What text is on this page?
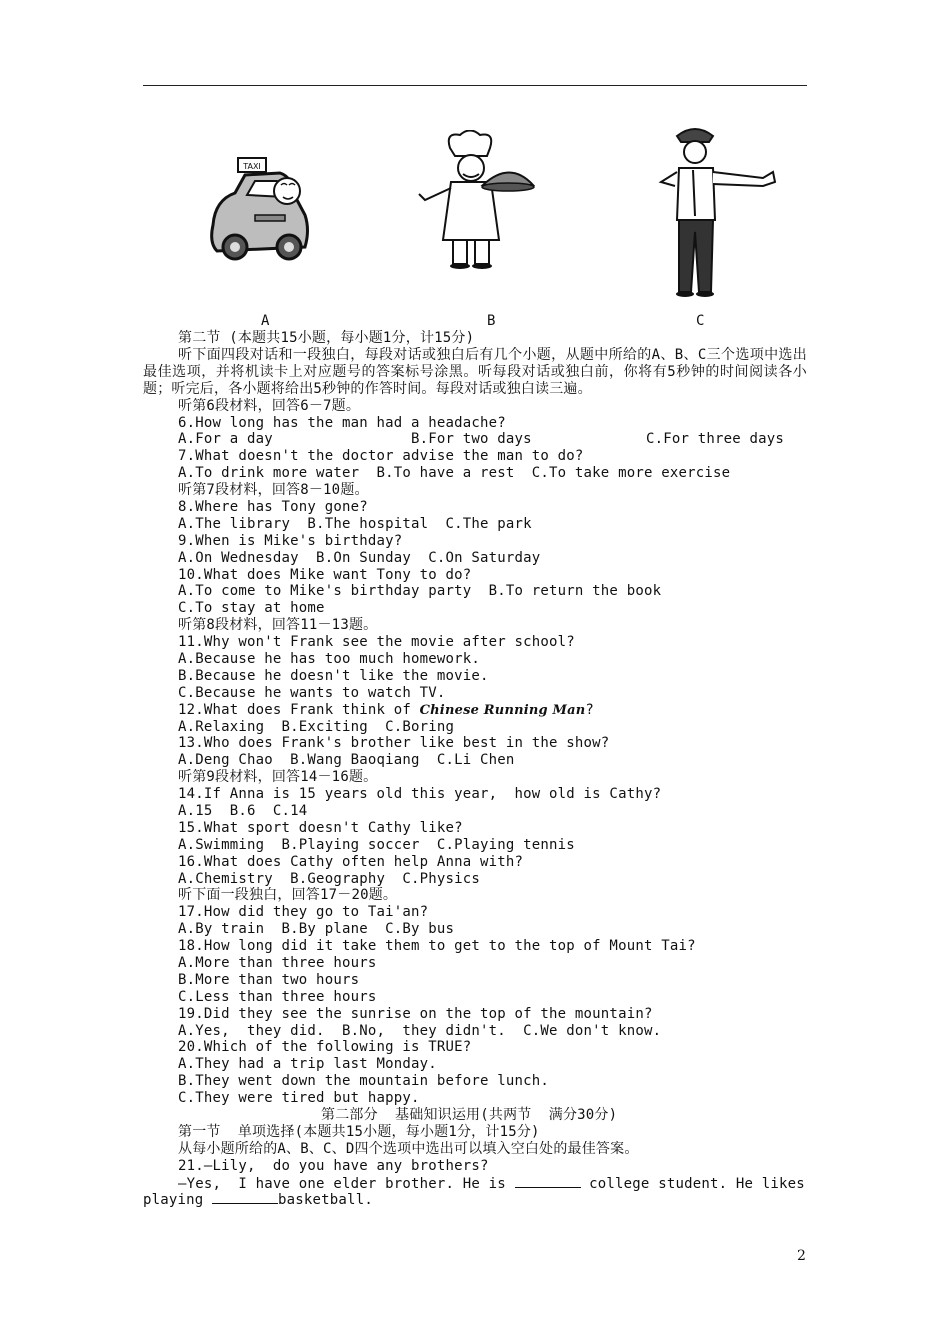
TAXI
A	B	C
第二节 (本题共15小题，每小题1分，计15分)
听下面四段对话和一段独白，每段对话或独白后有几个小题，从题中所给的A、B、C三个选项中选出最佳选项，并将机读卡上对应题号的答案标号涂黑。听每段对话或独白前，你将有5秒钟的时间阅读各小题；听完后，各小题将给出5秒钟的作答时间。每段对话或独白读三遍。
听第6段材料，回答6－7题。
6.How long has the man had a headache?
A.For a day	B.For two days	C.For three days
7.What doesn't the doctor advise the man to do?
A.To drink more water  B.To have a rest  C.To take more exercise
听第7段材料，回答8－10题。
8.Where has Tony gone?
A.The library  B.The hospital  C.The park
9.When is Mike's birthday?
A.On Wednesday  B.On Sunday  C.On Saturday
10.What does Mike want Tony to do?
A.To come to Mike's birthday party  B.To return the book
C.To stay at home
听第8段材料，回答11－13题。
11.Why won't Frank see the movie after school?
A.Because he has too much homework.
B.Because he doesn't like the movie.
C.Because he wants to watch TV.
12.What does Frank think of Chinese Running Man?
A.Relaxing  B.Exciting  C.Boring
13.Who does Frank's brother like best in the show?
A.Deng Chao  B.Wang Baoqiang  C.Li Chen
听第9段材料，回答14－16题。
14.If Anna is 15 years old this year,  how old is Cathy?
A.15  B.6  C.14
15.What sport doesn't Cathy like?
A.Swimming  B.Playing soccer  C.Playing tennis
16.What does Cathy often help Anna with?
A.Chemistry  B.Geography  C.Physics
听下面一段独白，回答17－20题。
17.How did they go to Tai'an?
A.By train  B.By plane  C.By bus
18.How long did it take them to get to the top of Mount Tai?
A.More than three hours
B.More than two hours
C.Less than three hours
19.Did they see the sunrise on the top of the mountain?
A.Yes,  they did.  B.No,  they didn't.  C.We don't know.
20.Which of the following is TRUE?
A.They had a trip last Monday.
B.They went down the mountain before lunch.
C.They were tired but happy.
第二部分  基础知识运用(共两节  满分30分)
第一节  单项选择(本题共15小题，每小题1分，计15分)
从每小题所给的A、B、C、D四个选项中选出可以填入空白处的最佳答案。
21.—Lily,  do you have any brothers?
—Yes,  I have one elder brother. He is	college student. He likes
playing	basketball.
2
